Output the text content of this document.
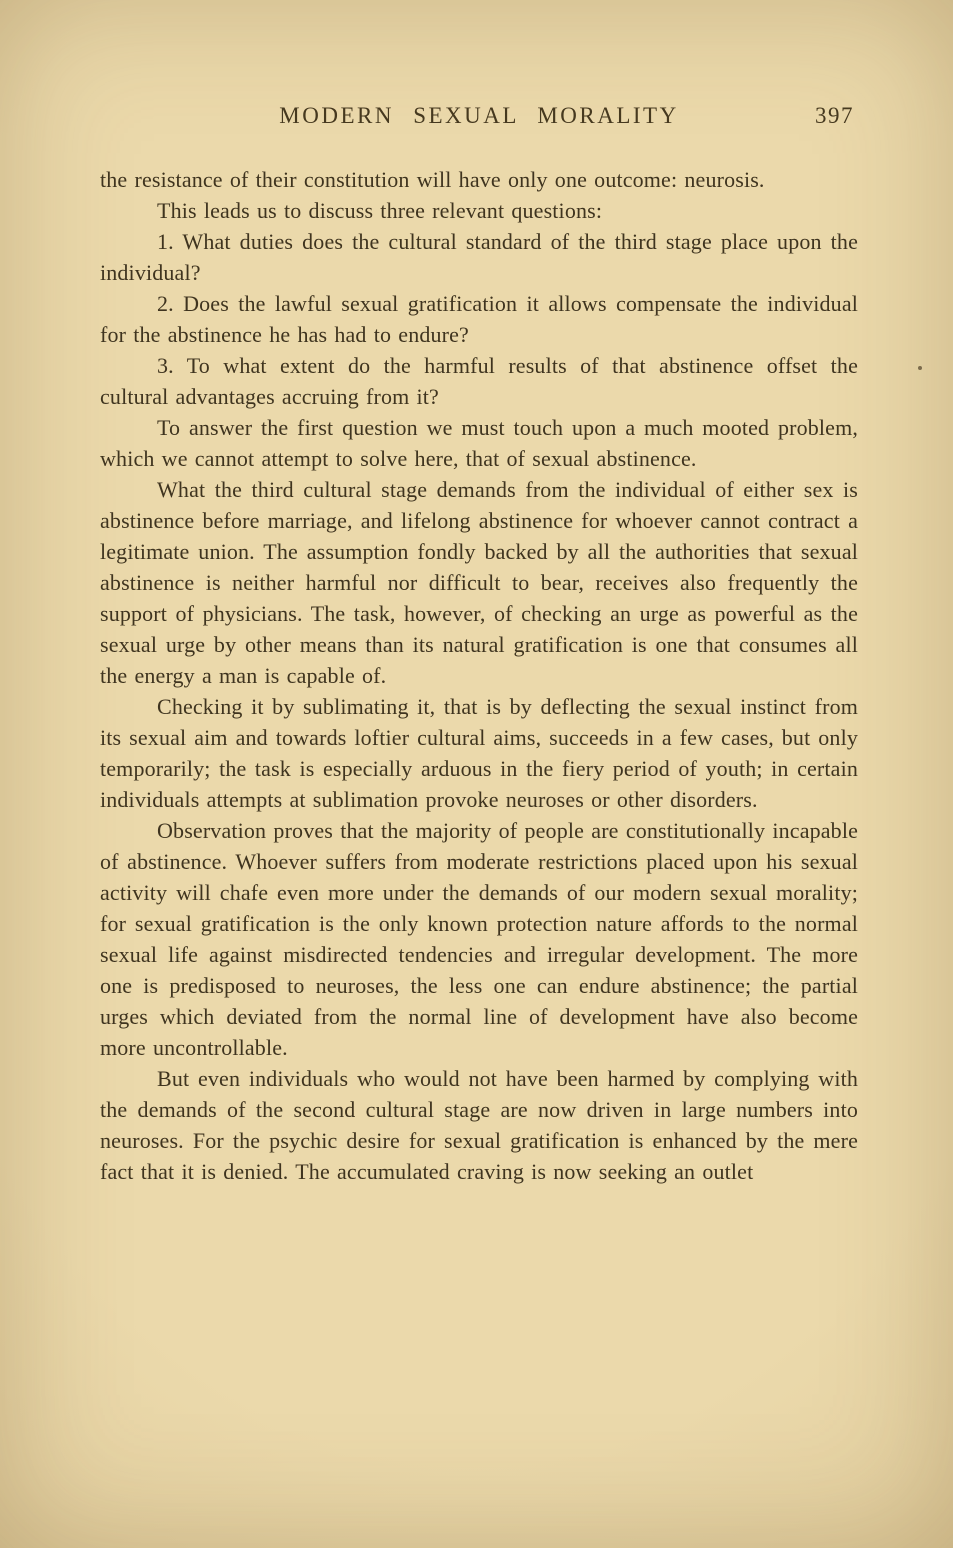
MODERN SEXUAL MORALITY	397

the resistance of their constitution will have only one outcome: neurosis.

This leads us to discuss three relevant questions:

1. What duties does the cultural standard of the third stage place upon the individual?

2. Does the lawful sexual gratification it allows compensate the individual for the abstinence he has had to endure?

3. To what extent do the harmful results of that abstinence offset the cultural advantages accruing from it?

To answer the first question we must touch upon a much mooted problem, which we cannot attempt to solve here, that of sexual abstinence.

What the third cultural stage demands from the individual of either sex is abstinence before marriage, and lifelong abstinence for whoever cannot contract a legitimate union. The assumption fondly backed by all the authorities that sexual abstinence is neither harmful nor difficult to bear, receives also frequently the support of physicians. The task, however, of checking an urge as powerful as the sexual urge by other means than its natural gratification is one that consumes all the energy a man is capable of.

Checking it by sublimating it, that is by deflecting the sexual instinct from its sexual aim and towards loftier cultural aims, succeeds in a few cases, but only temporarily; the task is especially arduous in the fiery period of youth; in certain individuals attempts at sublimation provoke neuroses or other disorders.

Observation proves that the majority of people are constitutionally incapable of abstinence. Whoever suffers from moderate restrictions placed upon his sexual activity will chafe even more under the demands of our modern sexual morality; for sexual gratification is the only known protection nature affords to the normal sexual life against misdirected tendencies and irregular development. The more one is predisposed to neuroses, the less one can endure abstinence; the partial urges which deviated from the normal line of development have also become more uncontrollable.

But even individuals who would not have been harmed by complying with the demands of the second cultural stage are now driven in large numbers into neuroses. For the psychic desire for sexual gratification is enhanced by the mere fact that it is denied. The accumulated craving is now seeking an outlet
